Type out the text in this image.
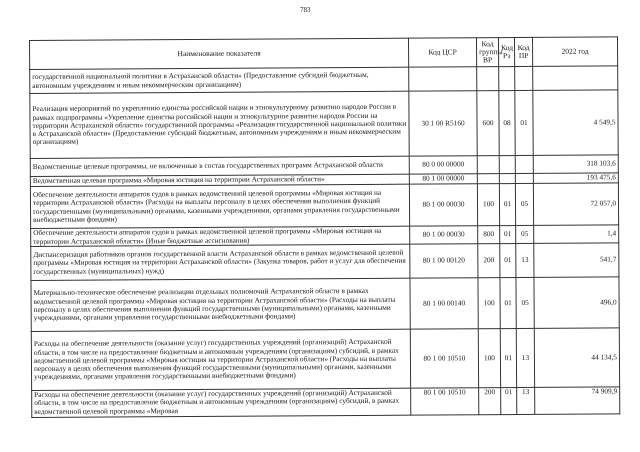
783
Наименование показателя	Код ЦСР	Код группы ВР	Код Рз	Код ПР	2022 год
государственной национальной политики в Астраханской области» (Предоставление субсидий бюджетным, автономным учреждениям и иным некоммерческим организациям)					
Реализация мероприятий по укреплению единства российской нации и этнокультурному развитию народов России в рамках подпрограммы «Укрепление единства российской нации и этнокультурное развитие народов России на территории Астраханской области» государственной программы «Реализация государственной национальной политики в Астраханской области» (Предоставление субсидий бюджетным, автономным учреждениям и иным некоммерческим организациям)	30 1 00 R5160	600	08	01	4 549,5
Ведомственные целевые программы, не включенные в состав государственных программ Астраханской области	80 0 00 00000				318 103,6
Ведомственная целевая программа «Мировая юстиция на территории Астраханской области»	80 1 00 00000				193 475,6
Обеспечение деятельности аппаратов судов в рамках ведомственной целевой программы «Мировая юстиция на территории Астраханской области» (Расходы на выплаты персоналу в целях обеспечения выполнения функций государственными (муниципальными) органами, казенными учреждениями, органами управления государственными внебюджетными фондами)	80 1 00 00030	100	01	05	72 057,0
Обеспечение деятельности аппаратов судов в рамках ведомственной целевой программы «Мировая юстиция на территории Астраханской области» (Иные бюджетные ассигнования)	80 1 00 00030	800	01	05	1,4
Диспансеризация работников органов государственной власти Астраханской области в рамках ведомственной целевой программы «Мировая юстиция на территории Астраханской области» (Закупка товаров, работ и услуг для обеспечения государственных (муниципальных) нужд)	80 1 00 00120	200	01	13	541,7
Материально-техническое обеспечение реализации отдельных полномочий Астраханской области в рамках ведомственной целевой программы «Мировая юстиция на территории Астраханской области» (Расходы на выплаты персоналу в целях обеспечения выполнения функций государственными (муниципальными) органами, казенными учреждениями, органами управления государственными внебюджетными фондами)	80 1 00 00140	100	01	05	496,0
Расходы на обеспечение деятельности (оказание услуг) государственных учреждений (организаций) Астраханской области, в том числе на предоставление бюджетным и автономным учреждениям (организациям) субсидий, в рамках ведомственной целевой программы «Мировая юстиция на территории Астраханской области» (Расходы на выплаты персоналу в целях обеспечения выполнения функций государственными (муниципальными) органами, казенными учреждениями, органами управления государственными внебюджетными фондами)	80 1 00 10510	100	01	13	44 134,5
Расходы на обеспечение деятельности (оказание услуг) государственных учреждений (организаций) Астраханской области, в том числе на предоставление бюджетным и автономным учреждениям (организациям) субсидий, в рамках ведомственной целевой программы «Мировая	80 1 00 10510	200	01	13	74 909,9
